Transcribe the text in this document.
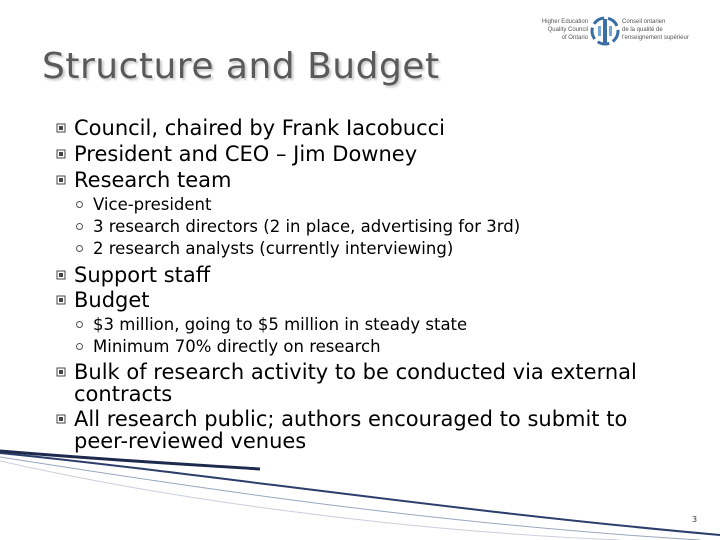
Structure and Budget
Higher Education
Quality Council
of Ontario
Conseil ontarien
de la qualité de
l'enseignement supérieur
Council, chaired by Frank Iacobucci
President and CEO – Jim Downey
Research team
Vice-president
3 research directors (2 in place, advertising for 3rd)
2 research analysts (currently interviewing)
Support staff
Budget
$3 million, going to $5 million in steady state
Minimum 70% directly on research
Bulk of research activity to be conducted via external contracts
All research public; authors encouraged to submit to peer-reviewed venues
3
